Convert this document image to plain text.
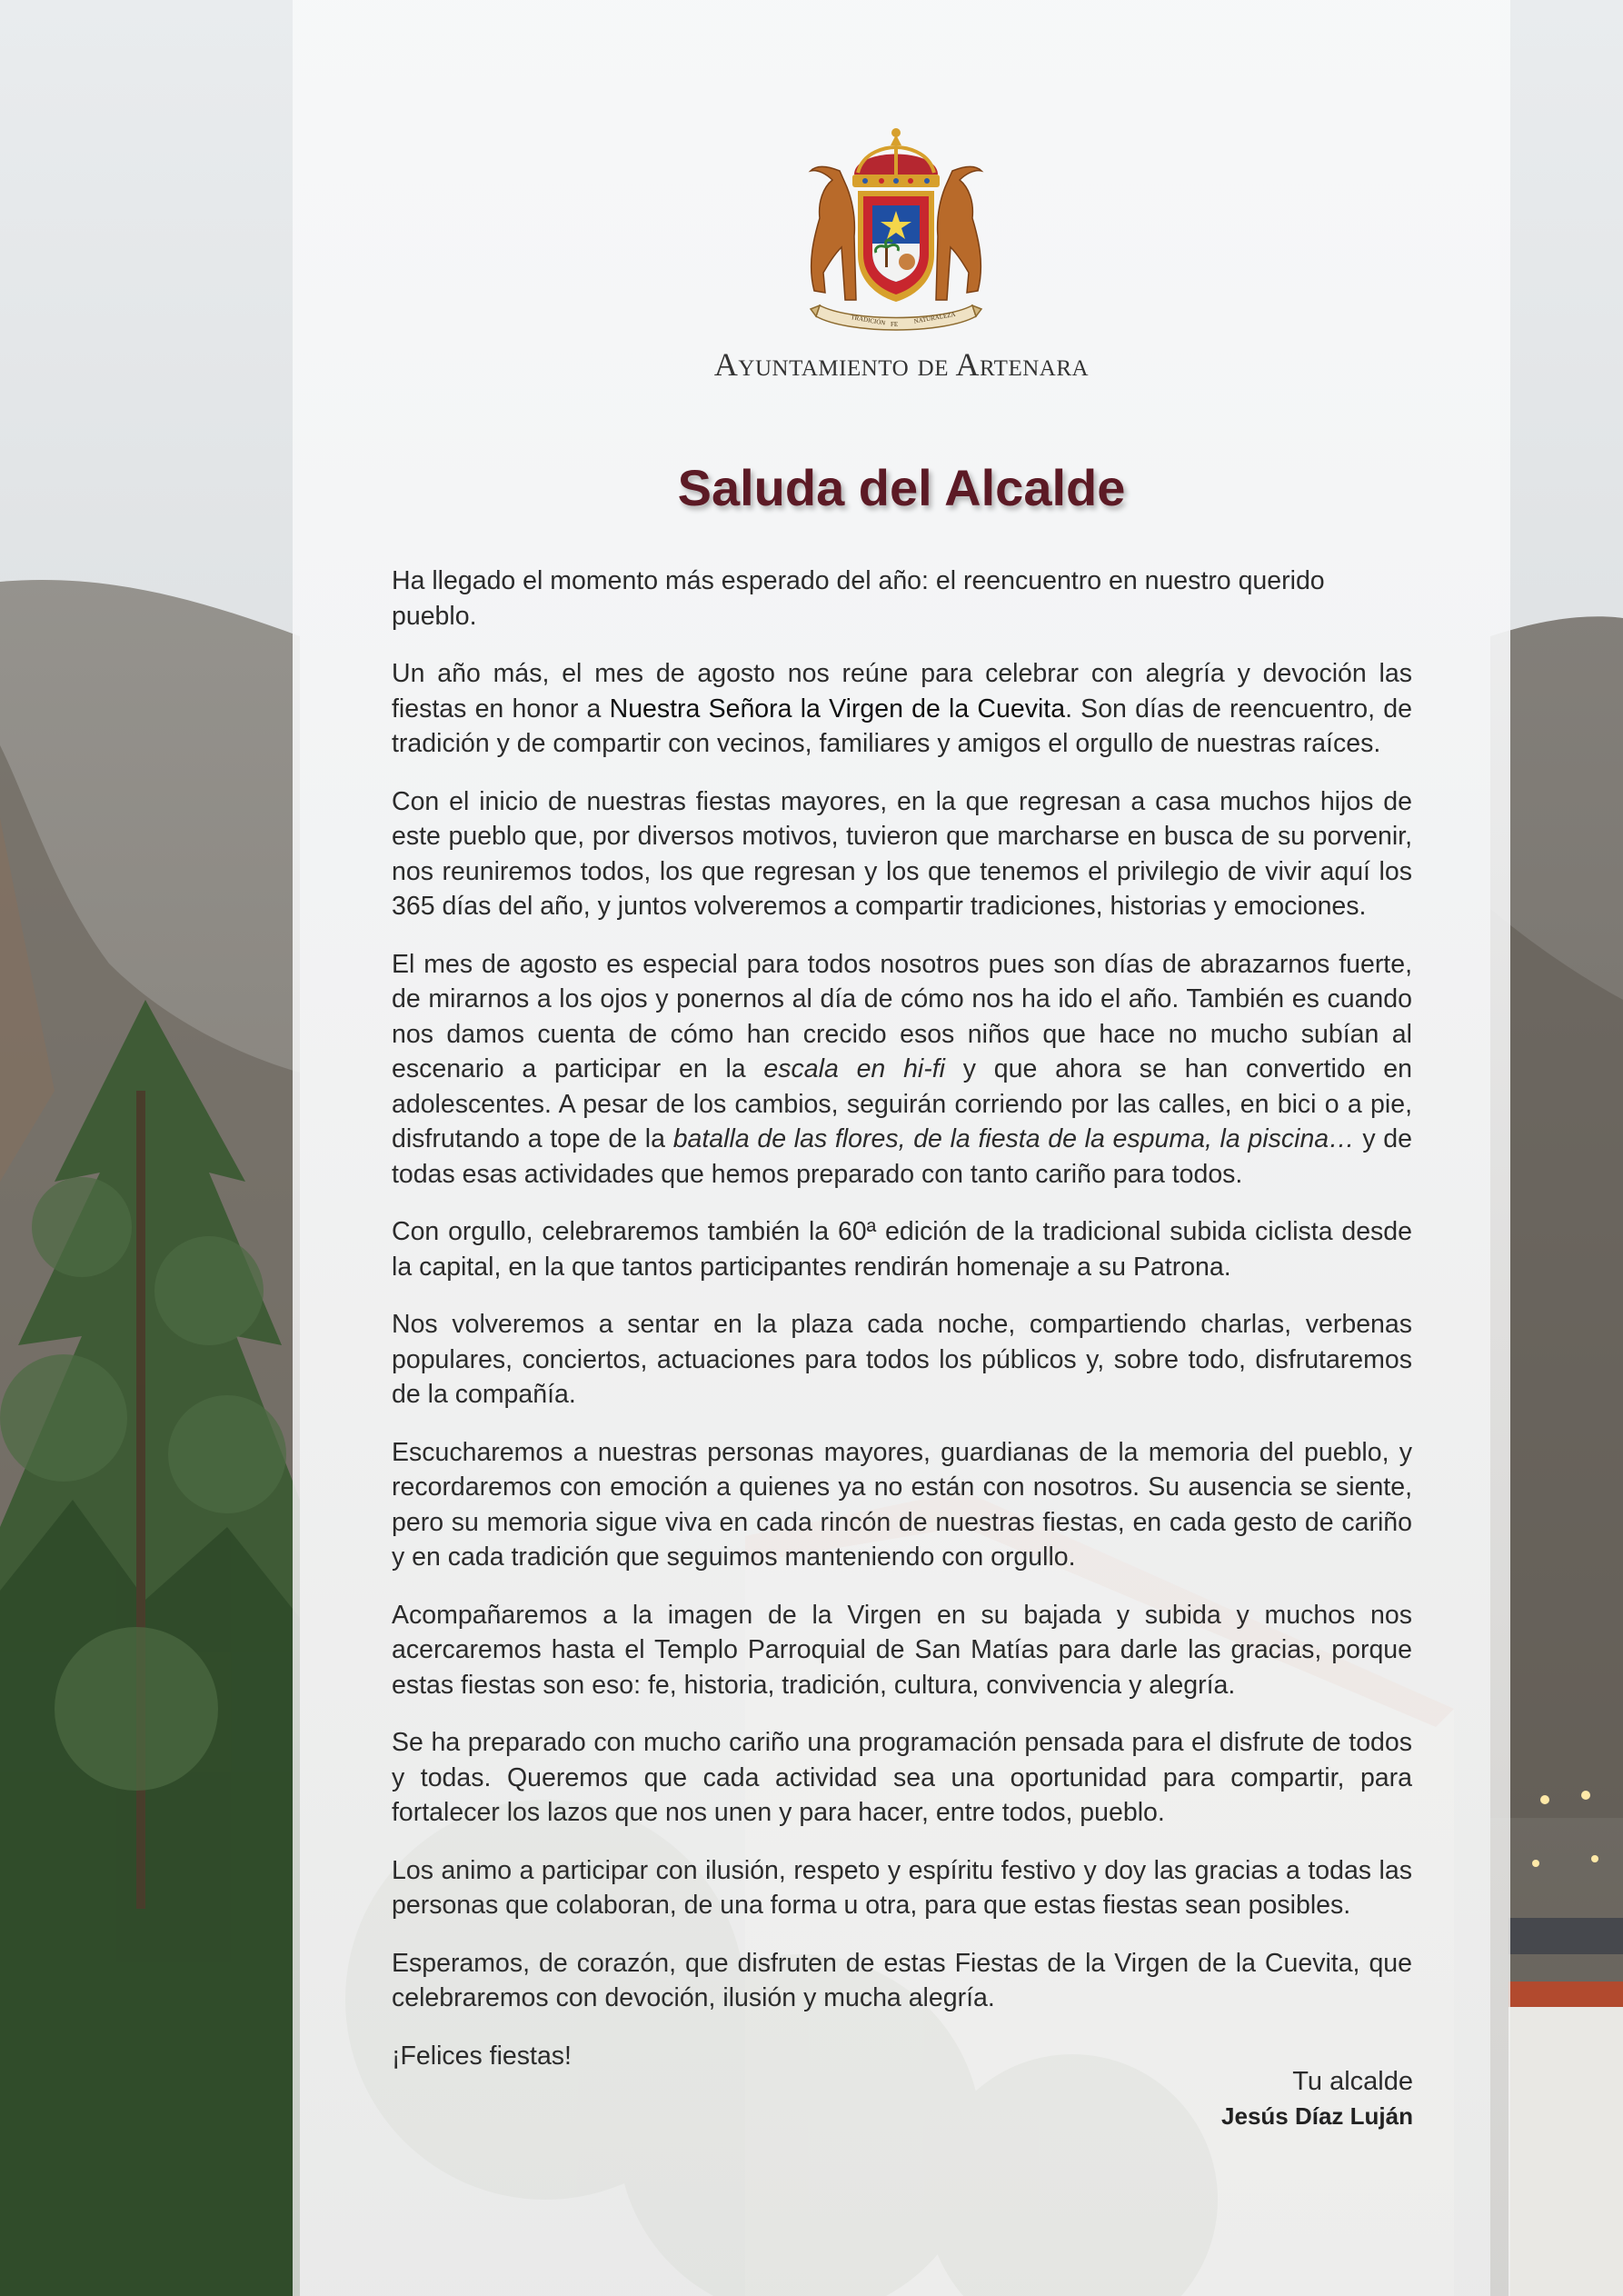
TRADICIÓN FE NATURALEZA
Ayuntamiento de Artenara
Saluda del Alcalde

Ha llegado el momento más esperado del año: el reencuentro en nuestro querido pueblo.

Un año más, el mes de agosto nos reúne para celebrar con alegría y devoción las fiestas en honor a Nuestra Señora la Virgen de la Cuevita. Son días de reencuentro, de tradición y de compartir con vecinos, familiares y amigos el orgullo de nuestras raíces.

Con el inicio de nuestras fiestas mayores, en la que regresan a casa muchos hijos de este pueblo que, por diversos motivos, tuvieron que marcharse en busca de su porvenir, nos reuniremos todos, los que regresan y los que tenemos el privilegio de vivir aquí los 365 días del año, y juntos volveremos a compartir tradiciones, historias y emociones.

El mes de agosto es especial para todos nosotros pues son días de abrazarnos fuerte, de mirarnos a los ojos y ponernos al día de cómo nos ha ido el año. También es cuando nos damos cuenta de cómo han crecido esos niños que hace no mucho subían al escenario a participar en la escala en hi-fi y que ahora se han convertido en adolescentes. A pesar de los cambios, seguirán corriendo por las calles, en bici o a pie, disfrutando a tope de la batalla de las flores, de la fiesta de la espuma, la piscina… y de todas esas actividades que hemos preparado con tanto cariño para todos.

Con orgullo, celebraremos también la 60ª edición de la tradicional subida ciclista desde la capital, en la que tantos participantes rendirán homenaje a su Patrona.

Nos volveremos a sentar en la plaza cada noche, compartiendo charlas, verbenas populares, conciertos, actuaciones para todos los públicos y, sobre todo, disfrutaremos de la compañía.

Escucharemos a nuestras personas mayores, guardianas de la memoria del pueblo, y recordaremos con emoción a quienes ya no están con nosotros. Su ausencia se siente, pero su memoria sigue viva en cada rincón de nuestras fiestas, en cada gesto de cariño y en cada tradición que seguimos manteniendo con orgullo.

Acompañaremos a la imagen de la Virgen en su bajada y subida y muchos nos acercaremos hasta el Templo Parroquial de San Matías para darle las gracias, porque estas fiestas son eso: fe, historia, tradición, cultura, convivencia y alegría.

Se ha preparado con mucho cariño una programación pensada para el disfrute de todos y todas. Queremos que cada actividad sea una oportunidad para compartir, para fortalecer los lazos que nos unen y para hacer, entre todos, pueblo.

Los animo a participar con ilusión, respeto y espíritu festivo y doy las gracias a todas las personas que colaboran, de una forma u otra, para que estas fiestas sean posibles.

Esperamos, de corazón, que disfruten de estas Fiestas de la Virgen de la Cuevita, que celebraremos con devoción, ilusión y mucha alegría.

¡Felices fiestas!

Tu alcalde
Jesús Díaz Luján
